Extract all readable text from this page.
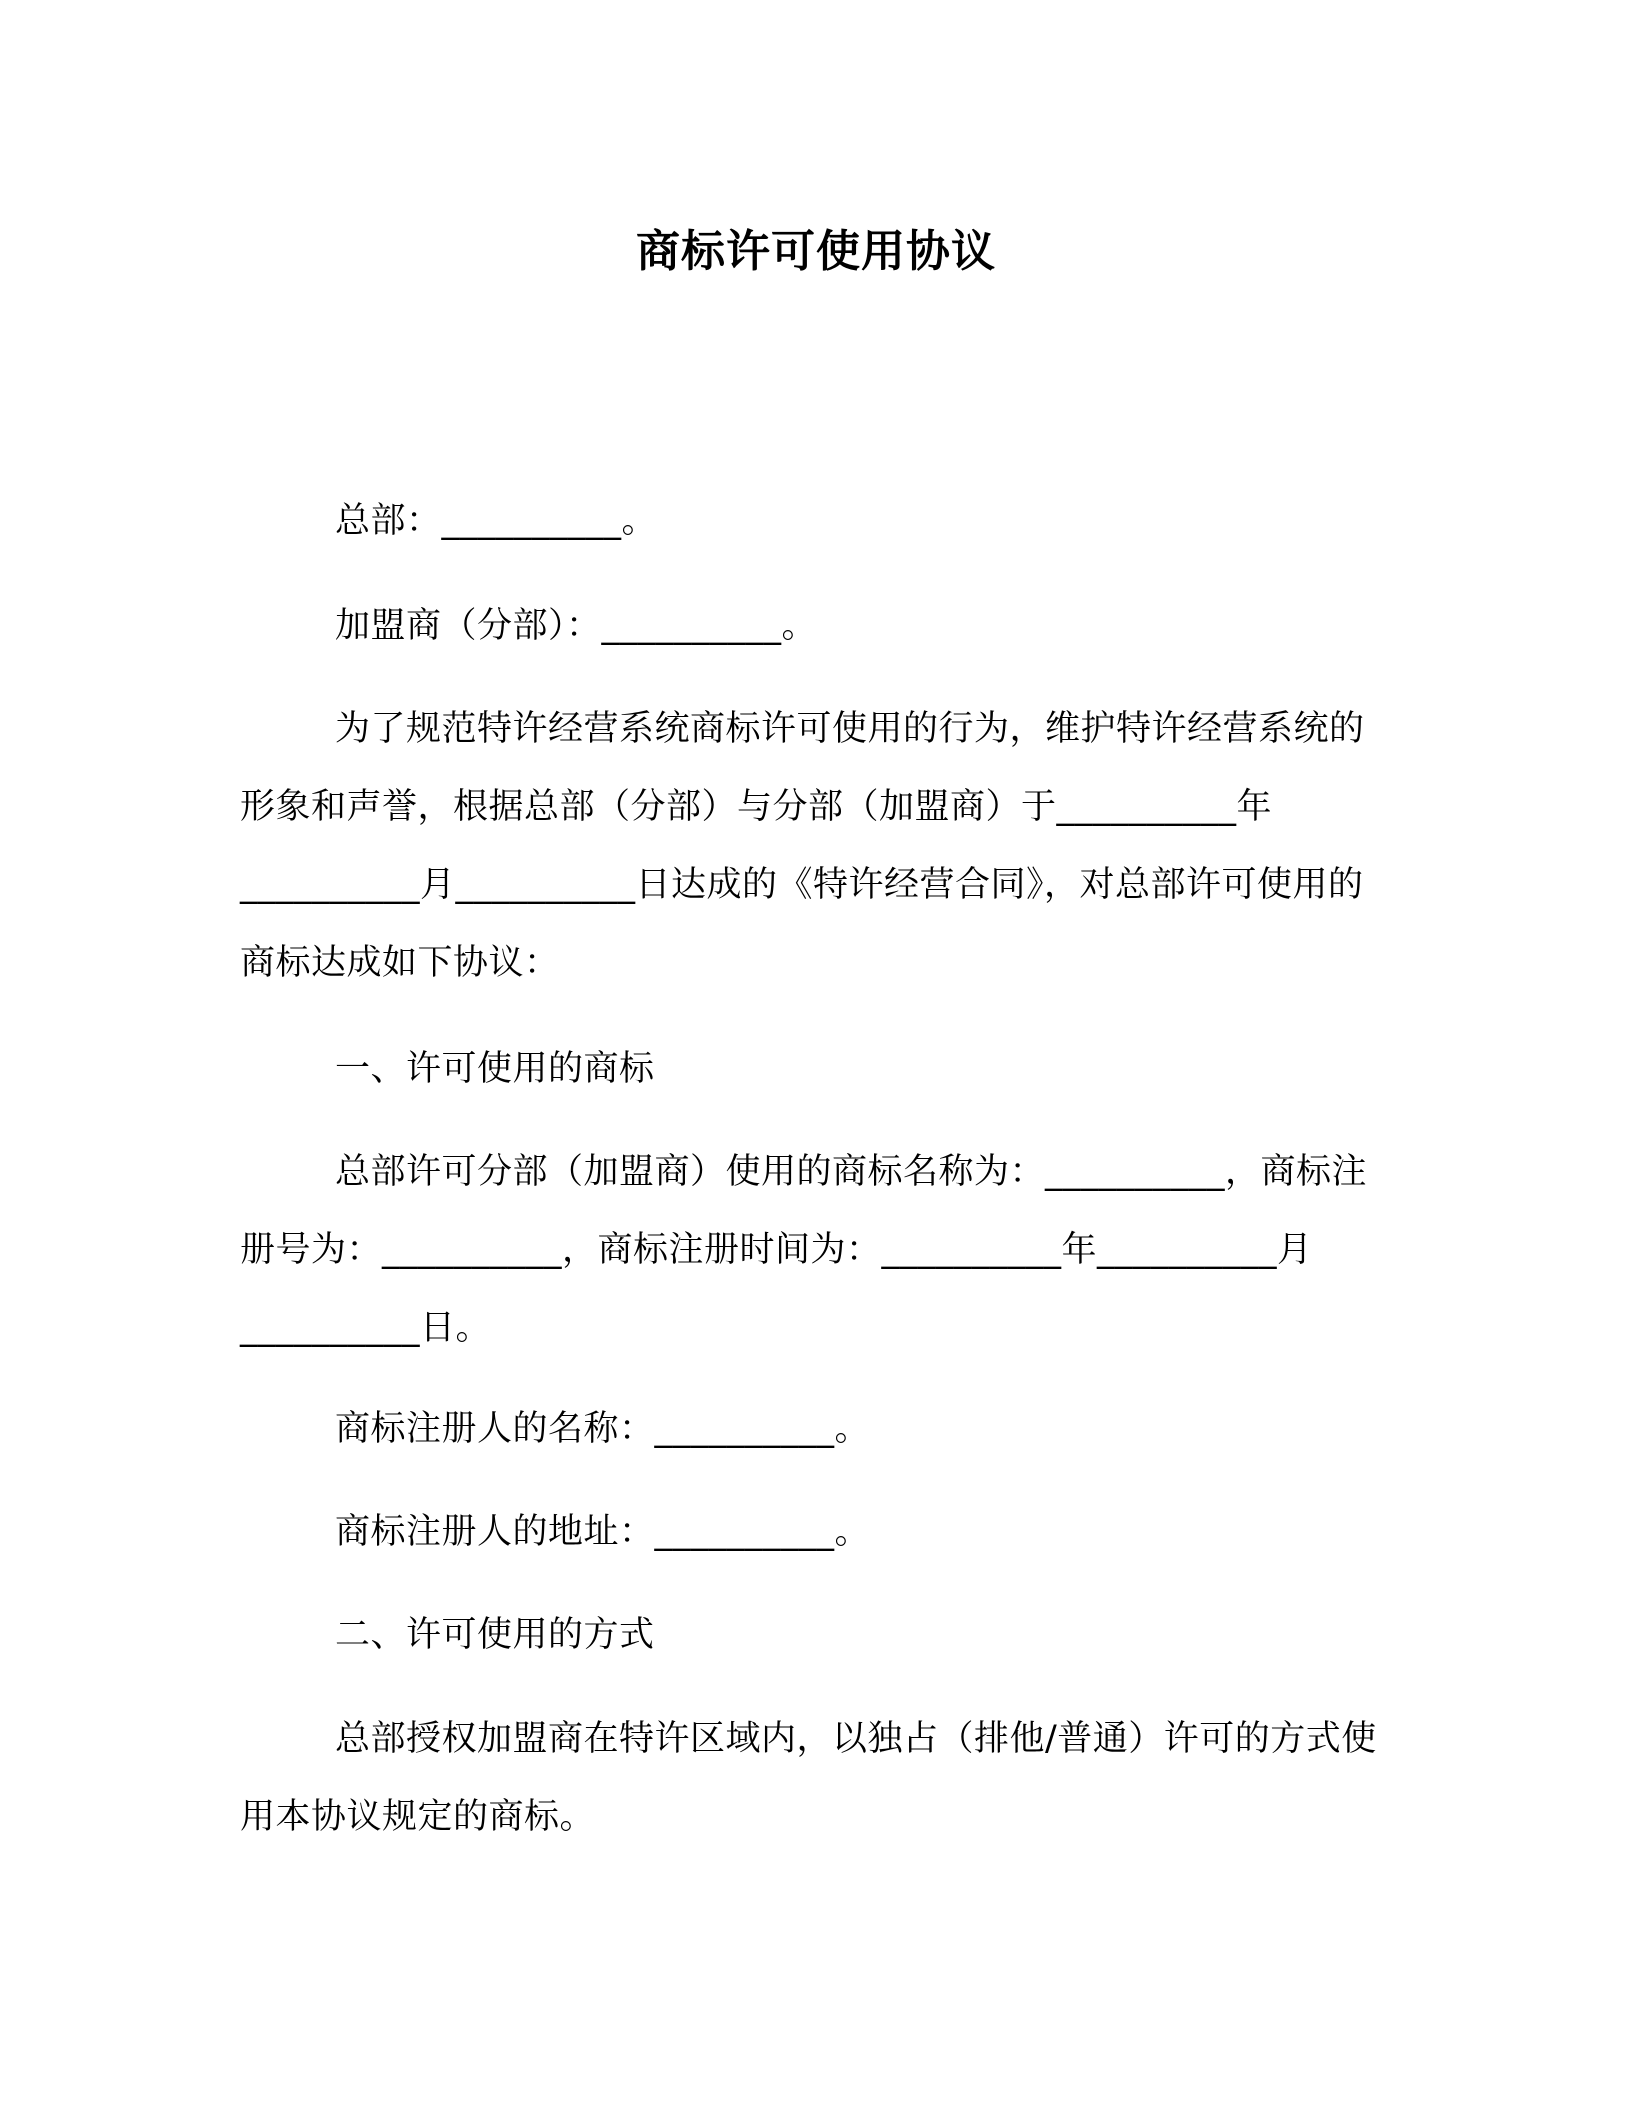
商标许可使用协议

总部：__________。

加盟商（分部）：__________。

为了规范特许经营系统商标许可使用的行为，维护特许经营系统的形象和声誉，根据总部（分部）与分部（加盟商）于__________年__________月__________日达成的《特许经营合同》，对总部许可使用的商标达成如下协议：

一、许可使用的商标

总部许可分部（加盟商）使用的商标名称为：__________，商标注册号为：__________，商标注册时间为：__________年__________月__________日。

商标注册人的名称：__________。

商标注册人的地址：__________。

二、许可使用的方式

总部授权加盟商在特许区域内，以独占（排他/普通）许可的方式使用本协议规定的商标。
